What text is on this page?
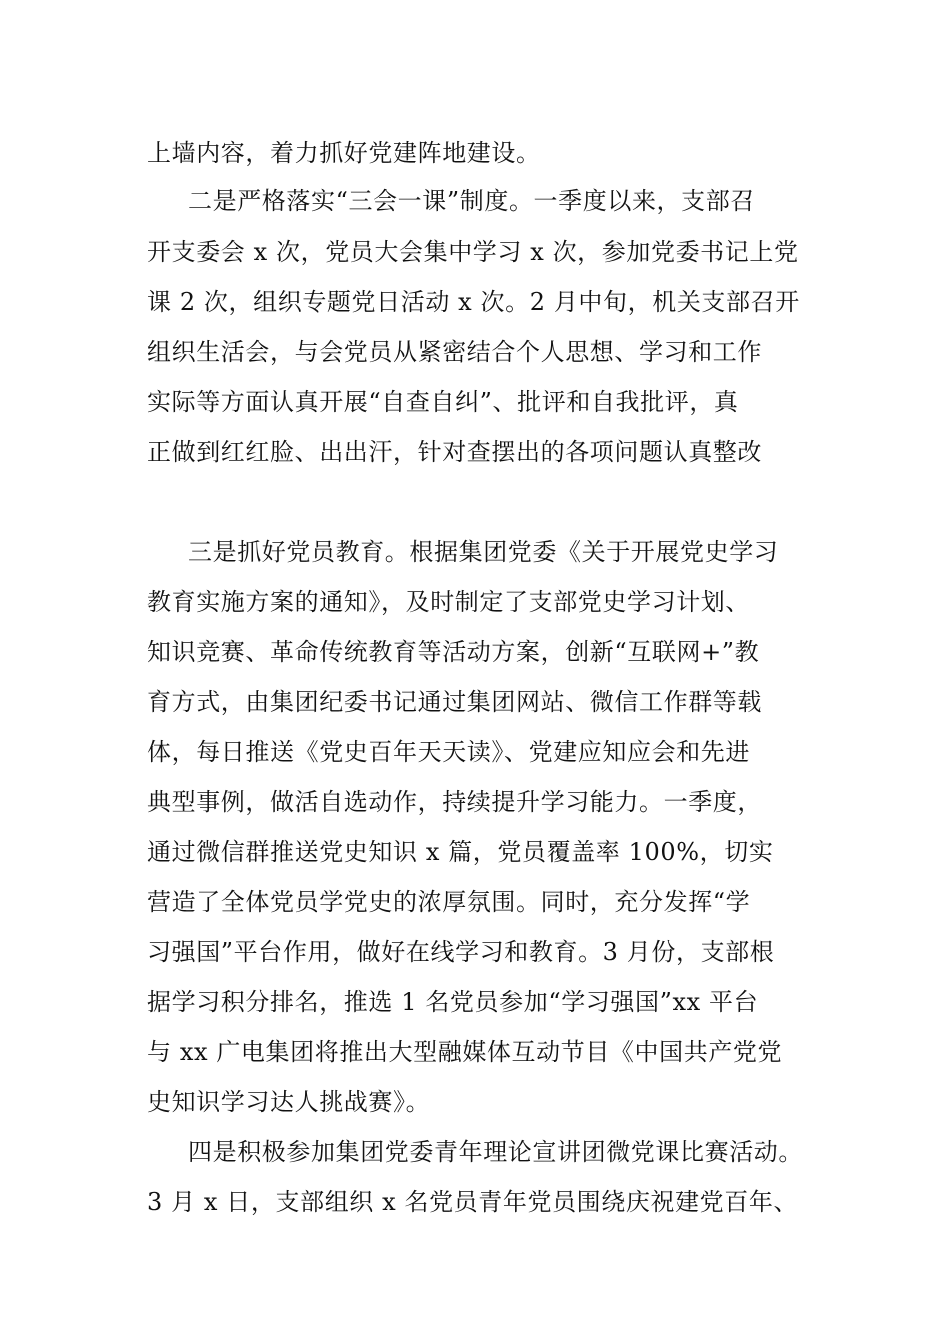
上墙内容，着力抓好党建阵地建设。
二是严格落实“三会一课”制度。一季度以来，支部召
开支委会 x 次，党员大会集中学习 x 次，参加党委书记上党
课 2 次，组织专题党日活动 x 次。2 月中旬，机关支部召开
组织生活会，与会党员从紧密结合个人思想、学习和工作
实际等方面认真开展“自查自纠”、批评和自我批评，真
正做到红红脸、出出汗，针对查摆出的各项问题认真整改
三是抓好党员教育。根据集团党委《关于开展党史学习
教育实施方案的通知》，及时制定了支部党史学习计划、
知识竞赛、革命传统教育等活动方案，创新“互联网+”教
育方式，由集团纪委书记通过集团网站、微信工作群等载
体，每日推送《党史百年天天读》、党建应知应会和先进
典型事例，做活自选动作，持续提升学习能力。一季度，
通过微信群推送党史知识 x 篇，党员覆盖率 100%，切实
营造了全体党员学党史的浓厚氛围。同时，充分发挥“学
习强国”平台作用，做好在线学习和教育。3 月份，支部根
据学习积分排名，推选 1 名党员参加“学习强国”xx 平台
与 xx 广电集团将推出大型融媒体互动节目《中国共产党党
史知识学习达人挑战赛》。
四是积极参加集团党委青年理论宣讲团微党课比赛活动。
3 月 x 日，支部组织 x 名党员青年党员围绕庆祝建党百年、
